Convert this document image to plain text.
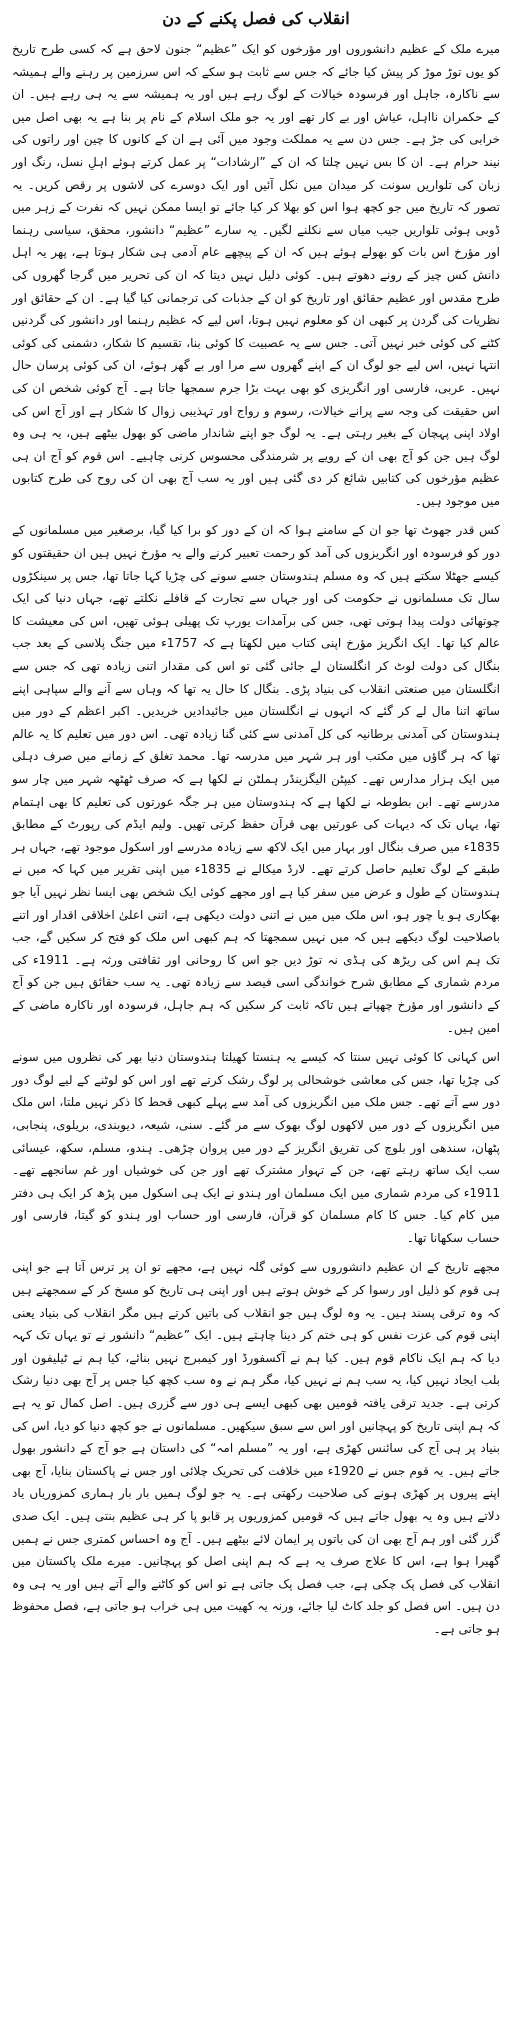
انقلاب کی فصل پکنے کے دن

میرے ملک کے عظیم دانشوروں اور مؤرخوں کو ایک ”عظیم“ جنون لاحق ہے کہ کسی طرح تاریخ کو یوں توڑ موڑ کر پیش کیا جائے کہ جس سے ثابت ہو سکے کہ اس سرزمین پر رہنے والے ہمیشہ سے ناکارہ، جاہل اور فرسودہ خیالات کے لوگ رہے ہیں اور یہ ہمیشہ سے یہ ہی رہے ہیں۔ ان کے حکمران نااہل، عیاش اور بے کار تھے اور یہ جو ملک اسلام کے نام پر بنا ہے یہ بھی اصل میں خرابی کی جڑ ہے۔ جس دن سے یہ مملکت وجود میں آئی ہے ان کے کانوں کا چین اور راتوں کی نیند حرام ہے۔ ان کا بس نہیں چلتا کہ ان کے ”ارشادات“ پر عمل کرتے ہوئے اہلِ نسل، رنگ اور زبان کی تلواریں سونت کر میدان میں نکل آئیں اور ایک دوسرے کی لاشوں پر رقص کریں۔ یہ تصور کہ تاریخ میں جو کچھ ہوا اس کو بھلا کر کیا جائے تو ایسا ممکن نہیں کہ نفرت کے زہر میں ڈوبی ہوئی تلواریں جیب میاں سے نکلنے لگیں۔ یہ سارے ”عظیم“ دانشور، محقق، سیاسی رہنما اور مؤرخ اس بات کو بھولے ہوئے ہیں کہ ان کے پیچھے عام آدمی ہی شکار ہوتا ہے، پھر یہ اہل دانش کس چیز کے رونے دھوتے ہیں۔ کوئی دلیل نہیں دیتا کہ ان کی تحریر میں گرجا گھروں کی طرح مقدس اور عظیم حقائق اور تاریخ کو ان کے جذبات کی ترجمانی کیا گیا ہے۔ ان کے حقائق اور نظریات کی گردن پر کبھی ان کو معلوم نہیں ہوتا، اس لیے کہ عظیم رہنما اور دانشور کی گردنیں کٹنے کی کوئی خبر نہیں آتی۔ جس سے یہ عصبیت کا کوئی بنا، تقسیم کا شکار، دشمنی کی کوئی انتہا نہیں، اس لیے جو لوگ ان کے اپنے گھروں سے مرا اور بے گھر ہوئے، ان کی کوئی پرسان حال نہیں۔ عربی، فارسی اور انگریزی کو بھی بہت بڑا جرم سمجھا جاتا ہے۔ آج کوئی شخص ان کی اس حقیقت کی وجہ سے پرانے خیالات، رسوم و رواج اور تہذیبی زوال کا شکار ہے اور آج اس کی اولاد اپنی پہچان کے بغیر رہتی ہے۔ یہ لوگ جو اپنے شاندار ماضی کو بھول بیٹھے ہیں، یہ ہی وہ لوگ ہیں جن کو آج بھی ان کے رویے پر شرمندگی محسوس کرنی چاہیے۔ اس قوم کو آج ان ہی عظیم مؤرخوں کی کتابیں شائع کر دی گئی ہیں اور یہ سب آج بھی ان کی روح کی طرح کتابوں میں موجود ہیں۔

کس قدر جھوٹ تھا جو ان کے سامنے ہوا کہ ان کے دور کو برا کیا گیا، برصغیر میں مسلمانوں کے دور کو فرسودہ اور انگریزوں کی آمد کو رحمت تعبیر کرنے والے یہ مؤرخ نہیں ہیں ان حقیقتوں کو کیسے جھٹلا سکتے ہیں کہ وہ مسلم ہندوستان جسے سونے کی چڑیا کہا جاتا تھا، جس پر سینکڑوں سال تک مسلمانوں نے حکومت کی اور جہاں سے تجارت کے قافلے نکلتے تھے، جہاں دنیا کی ایک چوتھائی دولت پیدا ہوتی تھی، جس کی برآمدات یورپ تک پھیلی ہوئی تھیں، اس کی معیشت کا عالم کیا تھا۔ ایک انگریز مؤرخ اپنی کتاب میں لکھتا ہے کہ 1757ء میں جنگ پلاسی کے بعد جب بنگال کی دولت لوٹ کر انگلستان لے جائی گئی تو اس کی مقدار اتنی زیادہ تھی کہ جس سے انگلستان میں صنعتی انقلاب کی بنیاد پڑی۔ بنگال کا حال یہ تھا کہ وہاں سے آنے والے سپاہی اپنے ساتھ اتنا مال لے کر گئے کہ انہوں نے انگلستان میں جائیدادیں خریدیں۔ اکبر اعظم کے دور میں ہندوستان کی آمدنی برطانیہ کی کل آمدنی سے کئی گنا زیادہ تھی۔ اس دور میں تعلیم کا یہ عالم تھا کہ ہر گاؤں میں مکتب اور ہر شہر میں مدرسہ تھا۔ محمد تغلق کے زمانے میں صرف دہلی میں ایک ہزار مدارس تھے۔ کیپٹن الیگزینڈر ہملٹن نے لکھا ہے کہ صرف ٹھٹھہ شہر میں چار سو مدرسے تھے۔ ابن بطوطہ نے لکھا ہے کہ ہندوستان میں ہر جگہ عورتوں کی تعلیم کا بھی اہتمام تھا، یہاں تک کہ دیہات کی عورتیں بھی قرآن حفظ کرتی تھیں۔ ولیم ایڈم کی رپورٹ کے مطابق 1835ء میں صرف بنگال اور بہار میں ایک لاکھ سے زیادہ مدرسے اور اسکول موجود تھے، جہاں ہر طبقے کے لوگ تعلیم حاصل کرتے تھے۔ لارڈ میکالے نے 1835ء میں اپنی تقریر میں کہا کہ میں نے ہندوستان کے طول و عرض میں سفر کیا ہے اور مجھے کوئی ایک شخص بھی ایسا نظر نہیں آیا جو بھکاری ہو یا چور ہو، اس ملک میں میں نے اتنی دولت دیکھی ہے، اتنی اعلیٰ اخلاقی اقدار اور اتنے باصلاحیت لوگ دیکھے ہیں کہ میں نہیں سمجھتا کہ ہم کبھی اس ملک کو فتح کر سکیں گے، جب تک ہم اس کی ریڑھ کی ہڈی نہ توڑ دیں جو اس کا روحانی اور ثقافتی ورثہ ہے۔ 1911ء کی مردم شماری کے مطابق شرح خواندگی اسی فیصد سے زیادہ تھی۔ یہ سب حقائق ہیں جن کو آج کے دانشور اور مؤرخ چھپاتے ہیں تاکہ ثابت کر سکیں کہ ہم جاہل، فرسودہ اور ناکارہ ماضی کے امین ہیں۔

اس کہانی کا کوئی نہیں سنتا کہ کیسے یہ ہنستا کھیلتا ہندوستان دنیا بھر کی نظروں میں سونے کی چڑیا تھا، جس کی معاشی خوشحالی پر لوگ رشک کرتے تھے اور اس کو لوٹنے کے لیے لوگ دور دور سے آتے تھے۔ جس ملک میں انگریزوں کی آمد سے پہلے کبھی قحط کا ذکر نہیں ملتا، اس ملک میں انگریزوں کے دور میں لاکھوں لوگ بھوک سے مر گئے۔ سنی، شیعہ، دیوبندی، بریلوی، پنجابی، پٹھان، سندھی اور بلوچ کی تفریق انگریز کے دور میں پروان چڑھی۔ ہندو، مسلم، سکھ، عیسائی سب ایک ساتھ رہتے تھے، جن کے تہوار مشترک تھے اور جن کی خوشیاں اور غم سانجھے تھے۔ 1911ء کی مردم شماری میں ایک مسلمان اور ہندو نے ایک ہی اسکول میں پڑھ کر ایک ہی دفتر میں کام کیا۔ جس کا کام مسلمان کو قرآن، فارسی اور حساب اور ہندو کو گیتا، فارسی اور حساب سکھانا تھا۔

مجھے تاریخ کے ان عظیم دانشوروں سے کوئی گلہ نہیں ہے، مجھے تو ان پر ترس آتا ہے جو اپنی ہی قوم کو ذلیل اور رسوا کر کے خوش ہوتے ہیں اور اپنی ہی تاریخ کو مسخ کر کے سمجھتے ہیں کہ وہ ترقی پسند ہیں۔ یہ وہ لوگ ہیں جو انقلاب کی باتیں کرتے ہیں مگر انقلاب کی بنیاد یعنی اپنی قوم کی عزت نفس کو ہی ختم کر دینا چاہتے ہیں۔ ایک ”عظیم“ دانشور نے تو یہاں تک کہہ دیا کہ ہم ایک ناکام قوم ہیں۔ کیا ہم نے آکسفورڈ اور کیمبرج نہیں بنائے، کیا ہم نے ٹیلیفون اور بلب ایجاد نہیں کیا، یہ سب ہم نے نہیں کیا، مگر ہم نے وہ سب کچھ کیا جس پر آج بھی دنیا رشک کرتی ہے۔ جدید ترقی یافتہ قومیں بھی کبھی ایسے ہی دور سے گزری ہیں۔ اصل کمال تو یہ ہے کہ ہم اپنی تاریخ کو پہچانیں اور اس سے سبق سیکھیں۔ مسلمانوں نے جو کچھ دنیا کو دیا، اس کی بنیاد پر ہی آج کی سائنس کھڑی ہے، اور یہ ”مسلم امہ“ کی داستان ہے جو آج کے دانشور بھول جاتے ہیں۔ یہ قوم جس نے 1920ء میں خلافت کی تحریک چلائی اور جس نے پاکستان بنایا، آج بھی اپنے پیروں پر کھڑی ہونے کی صلاحیت رکھتی ہے۔ یہ جو لوگ ہمیں بار بار ہماری کمزوریاں یاد دلاتے ہیں وہ یہ بھول جاتے ہیں کہ قومیں کمزوریوں پر قابو پا کر ہی عظیم بنتی ہیں۔ ایک صدی گزر گئی اور ہم آج بھی ان کی باتوں پر ایمان لائے بیٹھے ہیں۔ آج وہ احساس کمتری جس نے ہمیں گھیرا ہوا ہے، اس کا علاج صرف یہ ہے کہ ہم اپنی اصل کو پہچانیں۔ میرے ملک پاکستان میں انقلاب کی فصل پک چکی ہے، جب فصل پک جاتی ہے تو اس کو کاٹنے والے آتے ہیں اور یہ ہی وہ دن ہیں۔ اس فصل کو جلد کاٹ لیا جائے، ورنہ یہ کھیت میں ہی خراب ہو جاتی ہے، فصل محفوظ ہو جاتی ہے۔
